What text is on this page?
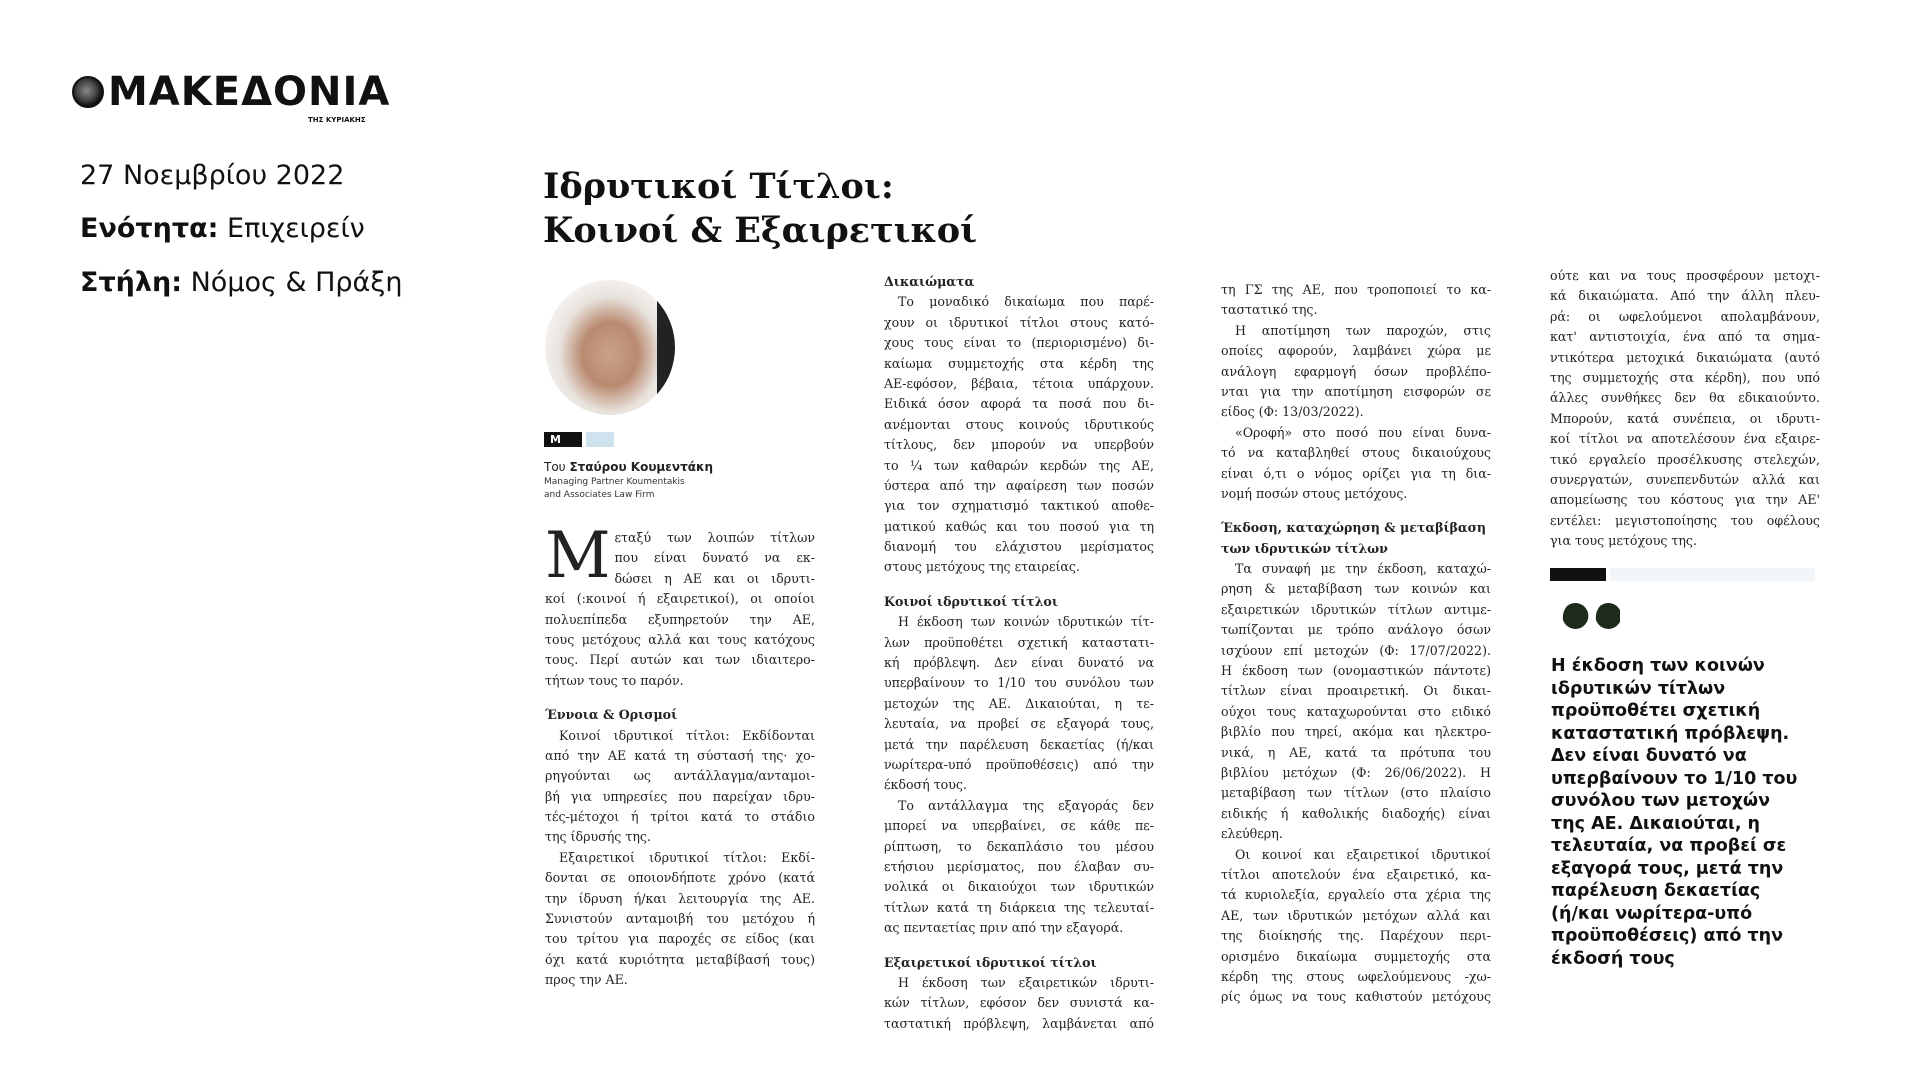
ΜΑΚΕΔΟΝΙΑ
ΤΗΣ ΚΥΡΙΑΚΗΣ
27 Νοεμβρίου 2022
Ενότητα: Επιχειρείν
Στήλη: Νόμος & Πράξη
Ιδρυτικοί Τίτλοι:
Κοινοί & Εξαιρετικοί
M
Του Σταύρου Κουμεντάκη
Managing Partner Koumentakis
and Associates Law Firm
Μ εταξύ των λοιπών τίτλων
που είναι δυνατό να εκ-
δώσει η ΑΕ και οι ιδρυτι-
κοί (:κοινοί ή εξαιρετικοί), οι οποίοι
πολυεπίπεδα εξυπηρετούν την ΑΕ,
τους μετόχους αλλά και τους κατόχους
τους. Περί αυτών και των ιδιαιτερο-
τήτων τους το παρόν.
Έννοια & Ορισμοί
Κοινοί ιδρυτικοί τίτλοι: Εκδίδονται
από την ΑΕ κατά τη σύστασή της· χο-
ρηγούνται ως αντάλλαγμα/ανταμοι-
βή για υπηρεσίες που παρείχαν ιδρυ-
τές-μέτοχοι ή τρίτοι κατά το στάδιο
της ίδρυσής της.
Εξαιρετικοί ιδρυτικοί τίτλοι: Εκδί-
δονται σε οποιονδήποτε χρόνο (κατά
την ίδρυση ή/και λειτουργία της ΑΕ.
Συνιστούν ανταμοιβή του μετόχου ή
του τρίτου για παροχές σε είδος (και
όχι κατά κυριότητα μεταβίβασή τους)
προς την ΑΕ.
Δικαιώματα
Το μοναδικό δικαίωμα που παρέ-
χουν οι ιδρυτικοί τίτλοι στους κατό-
χους τους είναι το (περιορισμένο) δι-
καίωμα συμμετοχής στα κέρδη της
ΑΕ-εφόσον, βέβαια, τέτοια υπάρχουν.
Ειδικά όσον αφορά τα ποσά που δι-
ανέμονται στους κοινούς ιδρυτικούς
τίτλους, δεν μπορούν να υπερβούν
το ¼ των καθαρών κερδών της ΑΕ,
ύστερα από την αφαίρεση των ποσών
για τον σχηματισμό τακτικού αποθε-
ματικού καθώς και του ποσού για τη
διανομή του ελάχιστου μερίσματος
στους μετόχους της εταιρείας.
Κοινοί ιδρυτικοί τίτλοι
Η έκδοση των κοινών ιδρυτικών τίτ-
λων προϋποθέτει σχετική καταστατι-
κή πρόβλεψη. Δεν είναι δυνατό να
υπερβαίνουν το 1/10 του συνόλου των
μετοχών της ΑΕ. Δικαιούται, η τε-
λευταία, να προβεί σε εξαγορά τους,
μετά την παρέλευση δεκαετίας (ή/και
νωρίτερα-υπό προϋποθέσεις) από την
έκδοσή τους.
Το αντάλλαγμα της εξαγοράς δεν
μπορεί να υπερβαίνει, σε κάθε πε-
ρίπτωση, το δεκαπλάσιο του μέσου
ετήσιου μερίσματος, που έλαβαν συ-
νολικά οι δικαιούχοι των ιδρυτικών
τίτλων κατά τη διάρκεια της τελευταί-
ας πενταετίας πριν από την εξαγορά.
Εξαιρετικοί ιδρυτικοί τίτλοι
Η έκδοση των εξαιρετικών ιδρυτι-
κών τίτλων, εφόσον δεν συνιστά κα-
ταστατική πρόβλεψη, λαμβάνεται από
τη ΓΣ της ΑΕ, που τροποποιεί το κα-
ταστατικό της.
Η αποτίμηση των παροχών, στις
οποίες αφορούν, λαμβάνει χώρα με
ανάλογη εφαρμογή όσων προβλέπο-
νται για την αποτίμηση εισφορών σε
είδος (Φ: 13/03/2022).
«Οροφή» στο ποσό που είναι δυνα-
τό να καταβληθεί στους δικαιούχους
είναι ό,τι ο νόμος ορίζει για τη δια-
νομή ποσών στους μετόχους.
Έκδοση, καταχώρηση & μεταβίβαση
των ιδρυτικών τίτλων
Τα συναφή με την έκδοση, καταχώ-
ρηση & μεταβίβαση των κοινών και
εξαιρετικών ιδρυτικών τίτλων αντιμε-
τωπίζονται με τρόπο ανάλογο όσων
ισχύουν επί μετοχών (Φ: 17/07/2022).
Η έκδοση των (ονομαστικών πάντοτε)
τίτλων είναι προαιρετική. Οι δικαι-
ούχοι τους καταχωρούνται στο ειδικό
βιβλίο που τηρεί, ακόμα και ηλεκτρο-
νικά, η ΑΕ, κατά τα πρότυπα του
βιβλίου μετόχων (Φ: 26/06/2022). Η
μεταβίβαση των τίτλων (στο πλαίσιο
ειδικής ή καθολικής διαδοχής) είναι
ελεύθερη.
Οι κοινοί και εξαιρετικοί ιδρυτικοί
τίτλοι αποτελούν ένα εξαιρετικό, κα-
τά κυριολεξία, εργαλείο στα χέρια της
ΑΕ, των ιδρυτικών μετόχων αλλά και
της διοίκησής της. Παρέχουν περι-
ορισμένο δικαίωμα συμμετοχής στα
κέρδη της στους ωφελούμενους -χω-
ρίς όμως να τους καθιστούν μετόχους
ούτε και να τους προσφέρουν μετοχι-
κά δικαιώματα. Από την άλλη πλευ-
ρά: οι ωφελούμενοι απολαμβάνουν,
κατ' αντιστοιχία, ένα από τα σημα-
ντικότερα μετοχικά δικαιώματα (αυτό
της συμμετοχής στα κέρδη), που υπό
άλλες συνθήκες δεν θα εδικαιούντο.
Μπορούν, κατά συνέπεια, οι ιδρυτι-
κοί τίτλοι να αποτελέσουν ένα εξαιρε-
τικό εργαλείο προσέλκυσης στελεχών,
συνεργατών, συνεπενδυτών αλλά και
απομείωσης του κόστους για την ΑΕ'
εντέλει: μεγιστοποίησης του οφέλους
για τους μετόχους της.
Η έκδοση των κοινών
ιδρυτικών τίτλων
προϋποθέτει σχετική
καταστατική πρόβλεψη.
Δεν είναι δυνατό να
υπερβαίνουν το 1/10 του
συνόλου των μετοχών
της ΑΕ. Δικαιούται, η
τελευταία, να προβεί σε
εξαγορά τους, μετά την
παρέλευση δεκαετίας
(ή/και νωρίτερα-υπό
προϋποθέσεις) από την
έκδοσή τους
